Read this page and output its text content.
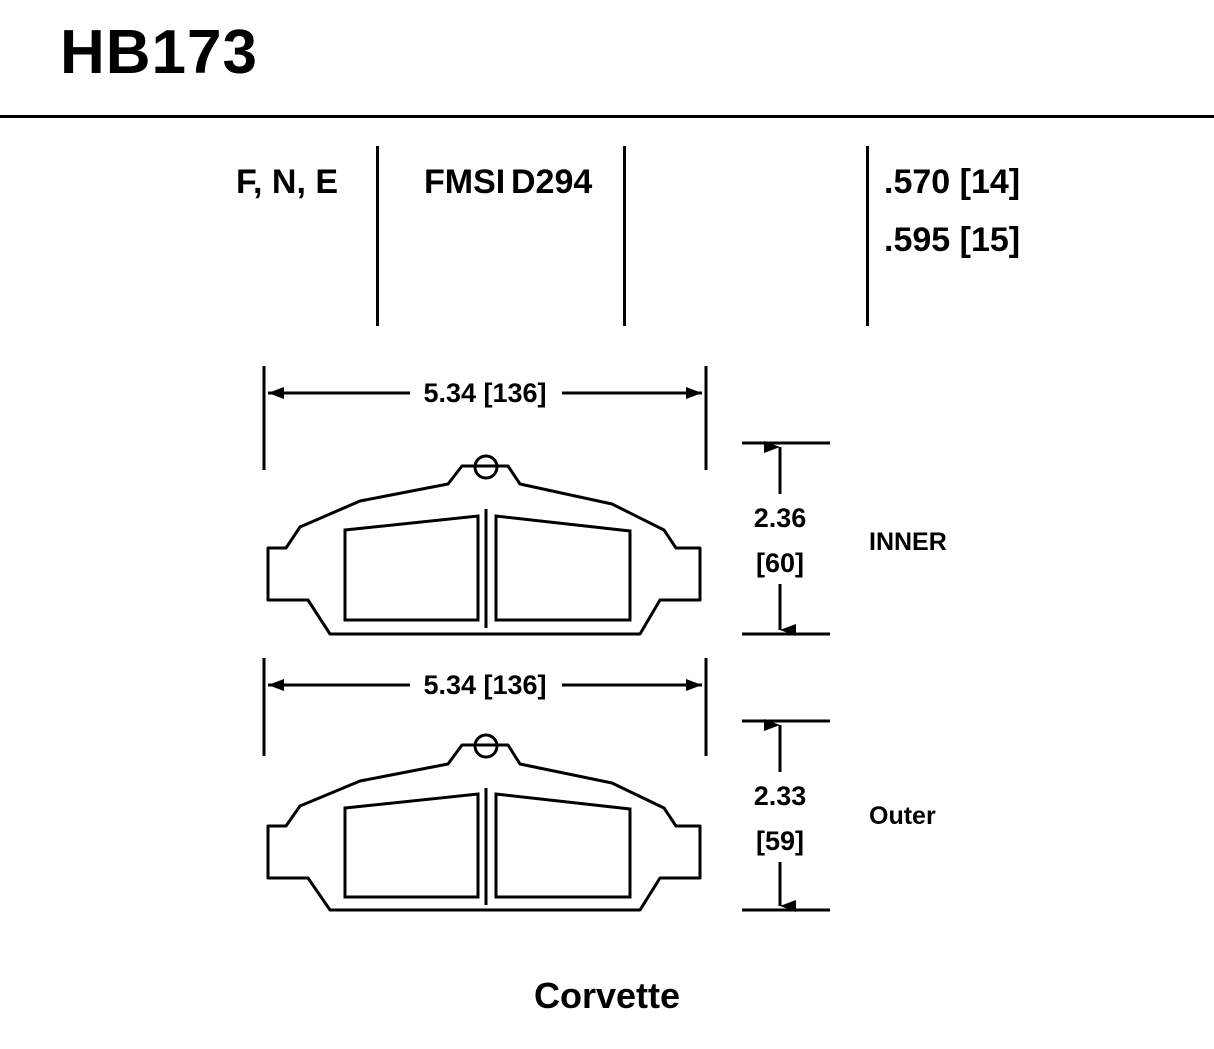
HB173
F, N, E	FMSI D294	.570 [14]
.595 [15]
5.34 [136]
2.36
[60]
INNER
5.34 [136]
2.33
[59]
Outer
Corvette
